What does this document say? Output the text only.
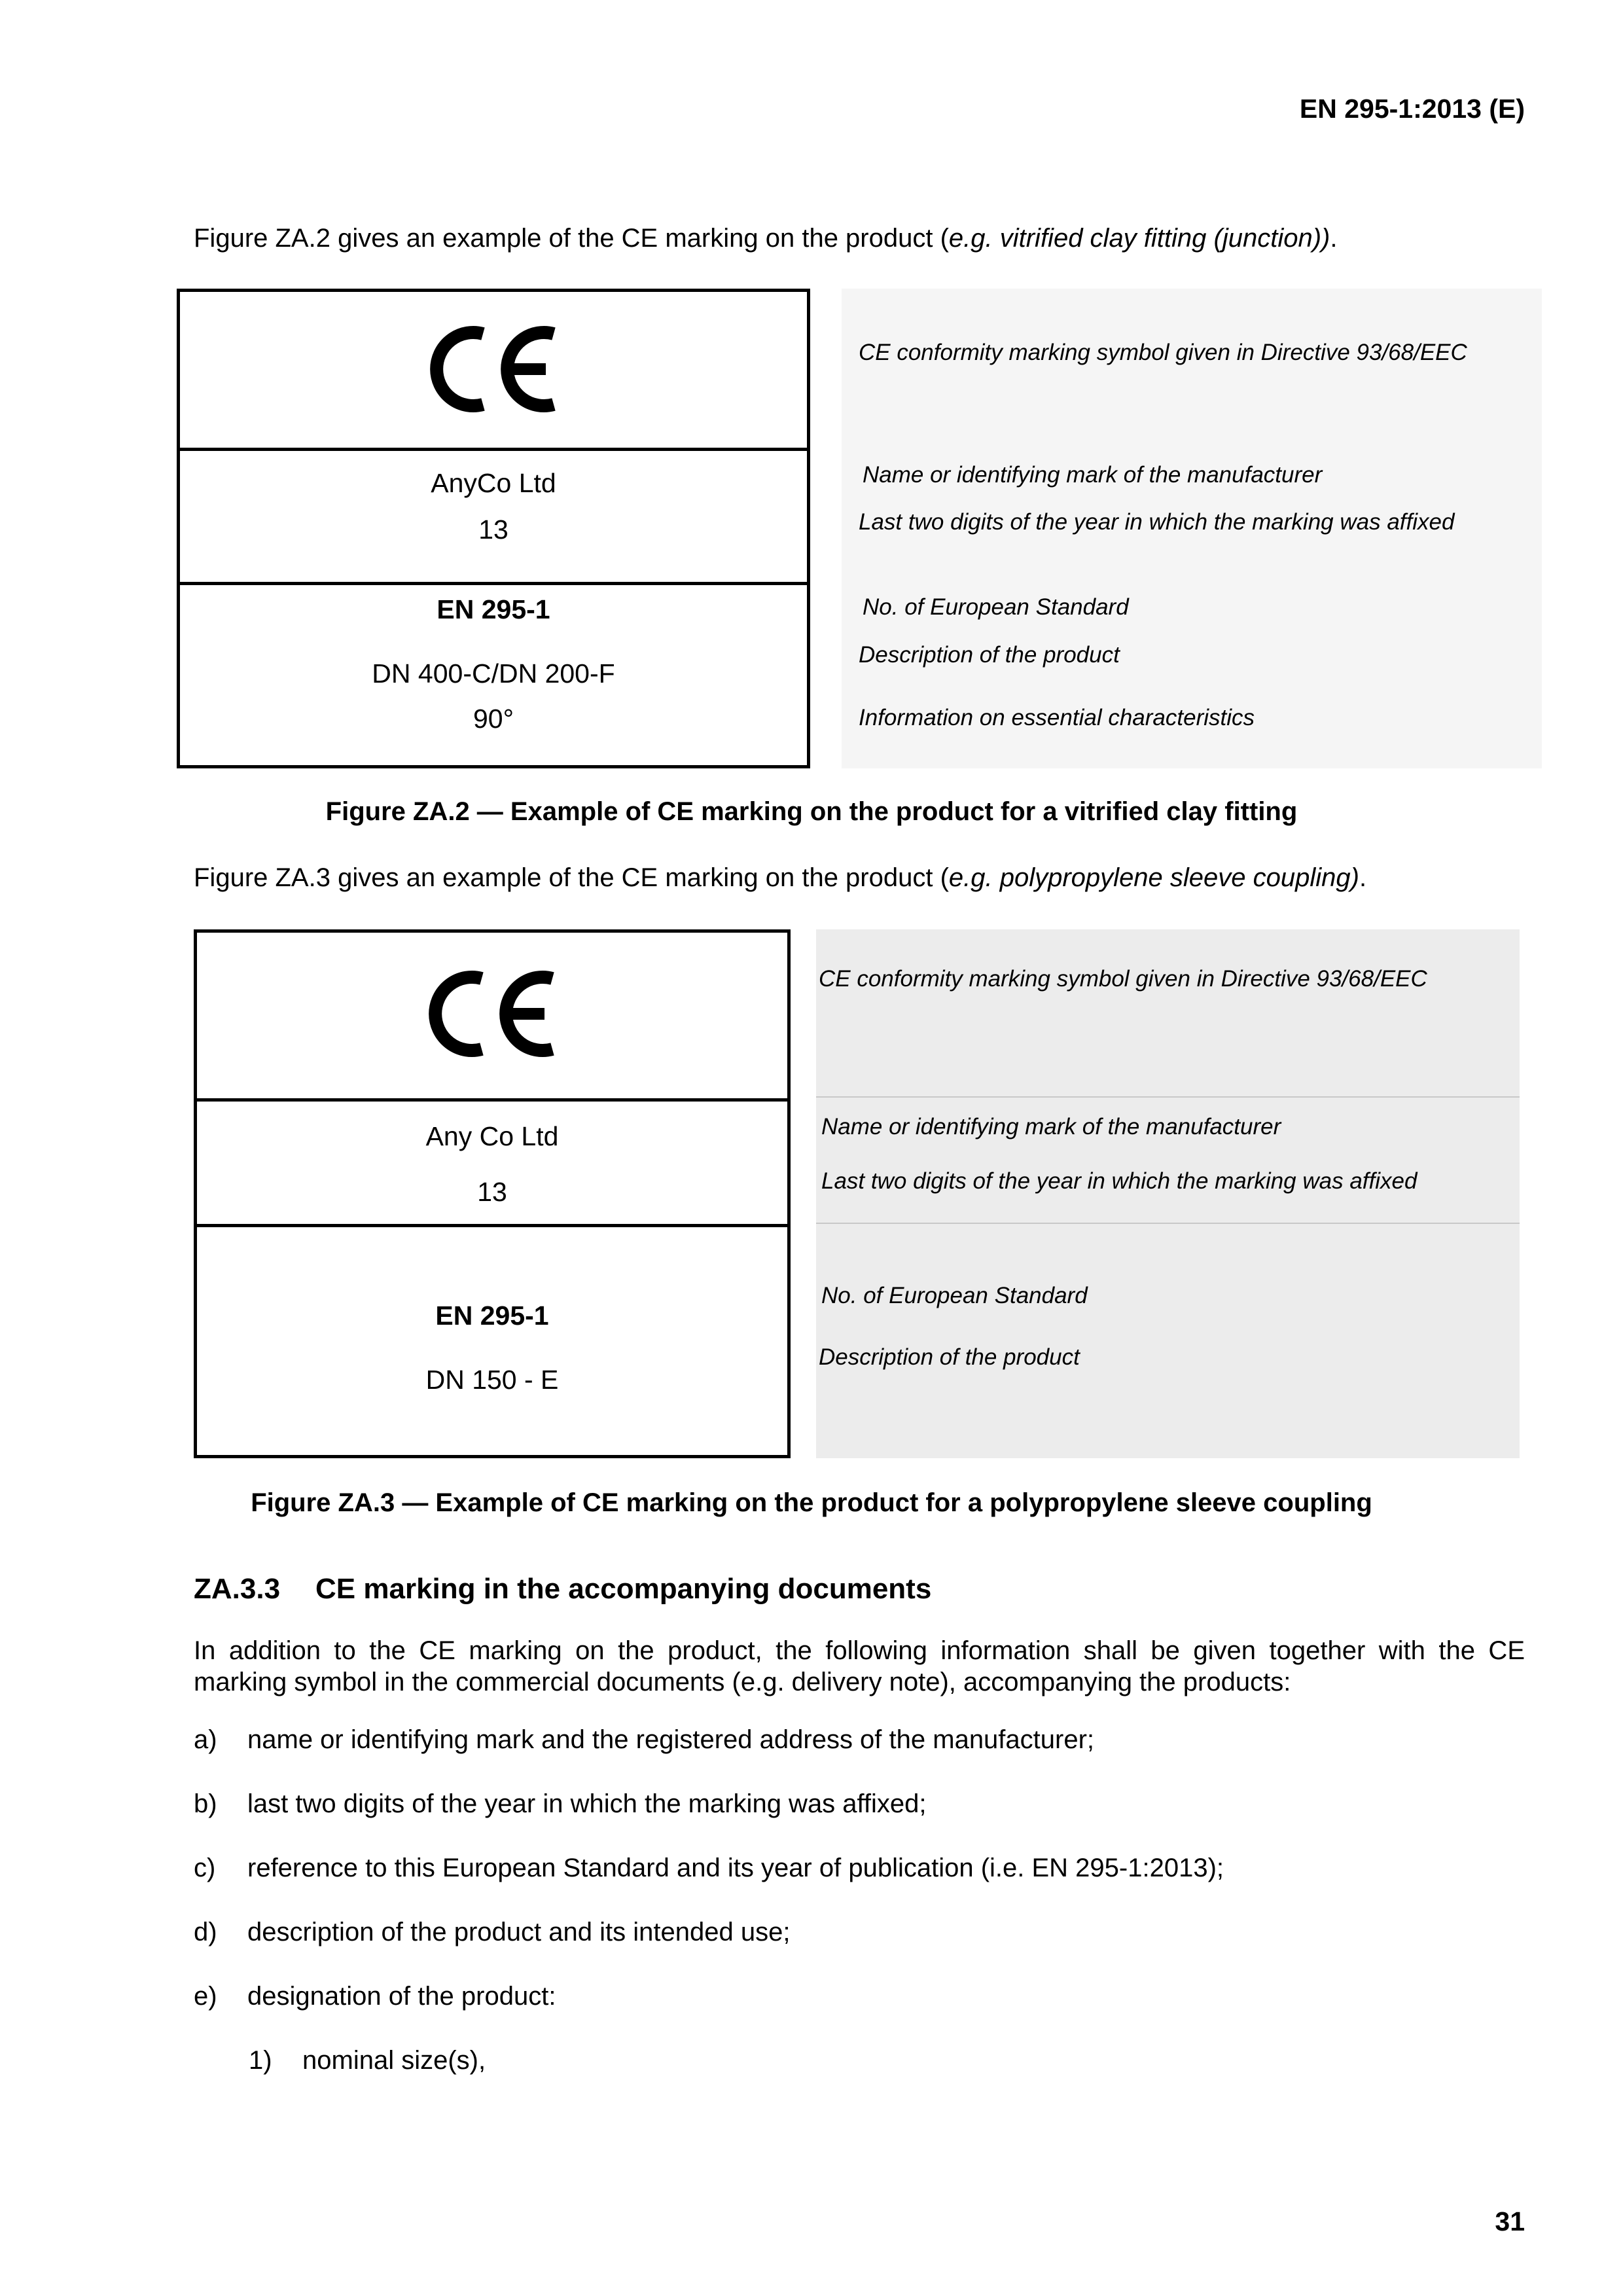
EN 295-1:2013 (E)
Figure ZA.2 gives an example of the CE marking on the product (e.g. vitrified clay fitting (junction)).
AnyCo Ltd
13
EN 295-1
DN 400-C/DN 200-F
90°
CE conformity marking symbol given in Directive 93/68/EEC
Name or identifying mark of the manufacturer
Last two digits of the year in which the marking was affixed
No. of European Standard
Description of the product
Information on essential characteristics
Figure ZA.2 — Example of CE marking on the product for a vitrified clay fitting
Figure ZA.3 gives an example of the CE marking on the product (e.g. polypropylene sleeve coupling).
Any Co Ltd
13
EN 295-1
DN 150 - E
CE conformity marking symbol given in Directive 93/68/EEC
Name or identifying mark of the manufacturer
Last two digits of the year in which the marking was affixed
No. of European Standard
Description of the product
Figure ZA.3 — Example of CE marking on the product for a polypropylene sleeve coupling
ZA.3.3 CE marking in the accompanying documents
In addition to the CE marking on the product, the following information shall be given together with the CE
marking symbol in the commercial documents (e.g. delivery note), accompanying the products:
a) name or identifying mark and the registered address of the manufacturer;
b) last two digits of the year in which the marking was affixed;
c) reference to this European Standard and its year of publication (i.e. EN 295-1:2013);
d) description of the product and its intended use;
e) designation of the product:
1) nominal size(s),
31
